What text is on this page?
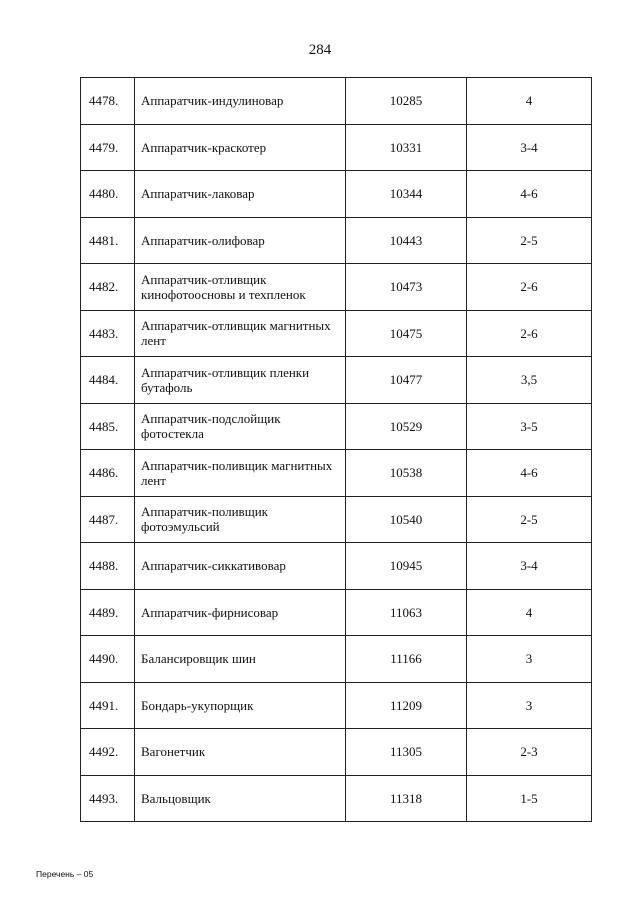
284
4478.	Аппаратчик-индулиновар	10285	4
4479.	Аппаратчик-краскотер	10331	3-4
4480.	Аппаратчик-лаковар	10344	4-6
4481.	Аппаратчик-олифовар	10443	2-5
4482.	Аппаратчик-отливщик кинофотоосновы и техпленок	10473	2-6
4483.	Аппаратчик-отливщик магнитных лент	10475	2-6
4484.	Аппаратчик-отливщик пленки бутафоль	10477	3,5
4485.	Аппаратчик-подслойщик фотостекла	10529	3-5
4486.	Аппаратчик-поливщик магнитных лент	10538	4-6
4487.	Аппаратчик-поливщик фотоэмульсий	10540	2-5
4488.	Аппаратчик-сиккативовар	10945	3-4
4489.	Аппаратчик-фирнисовар	11063	4
4490.	Балансировщик шин	11166	3
4491.	Бондарь-укупорщик	11209	3
4492.	Вагонетчик	11305	2-3
4493.	Вальцовщик	11318	1-5
Перечень – 05
